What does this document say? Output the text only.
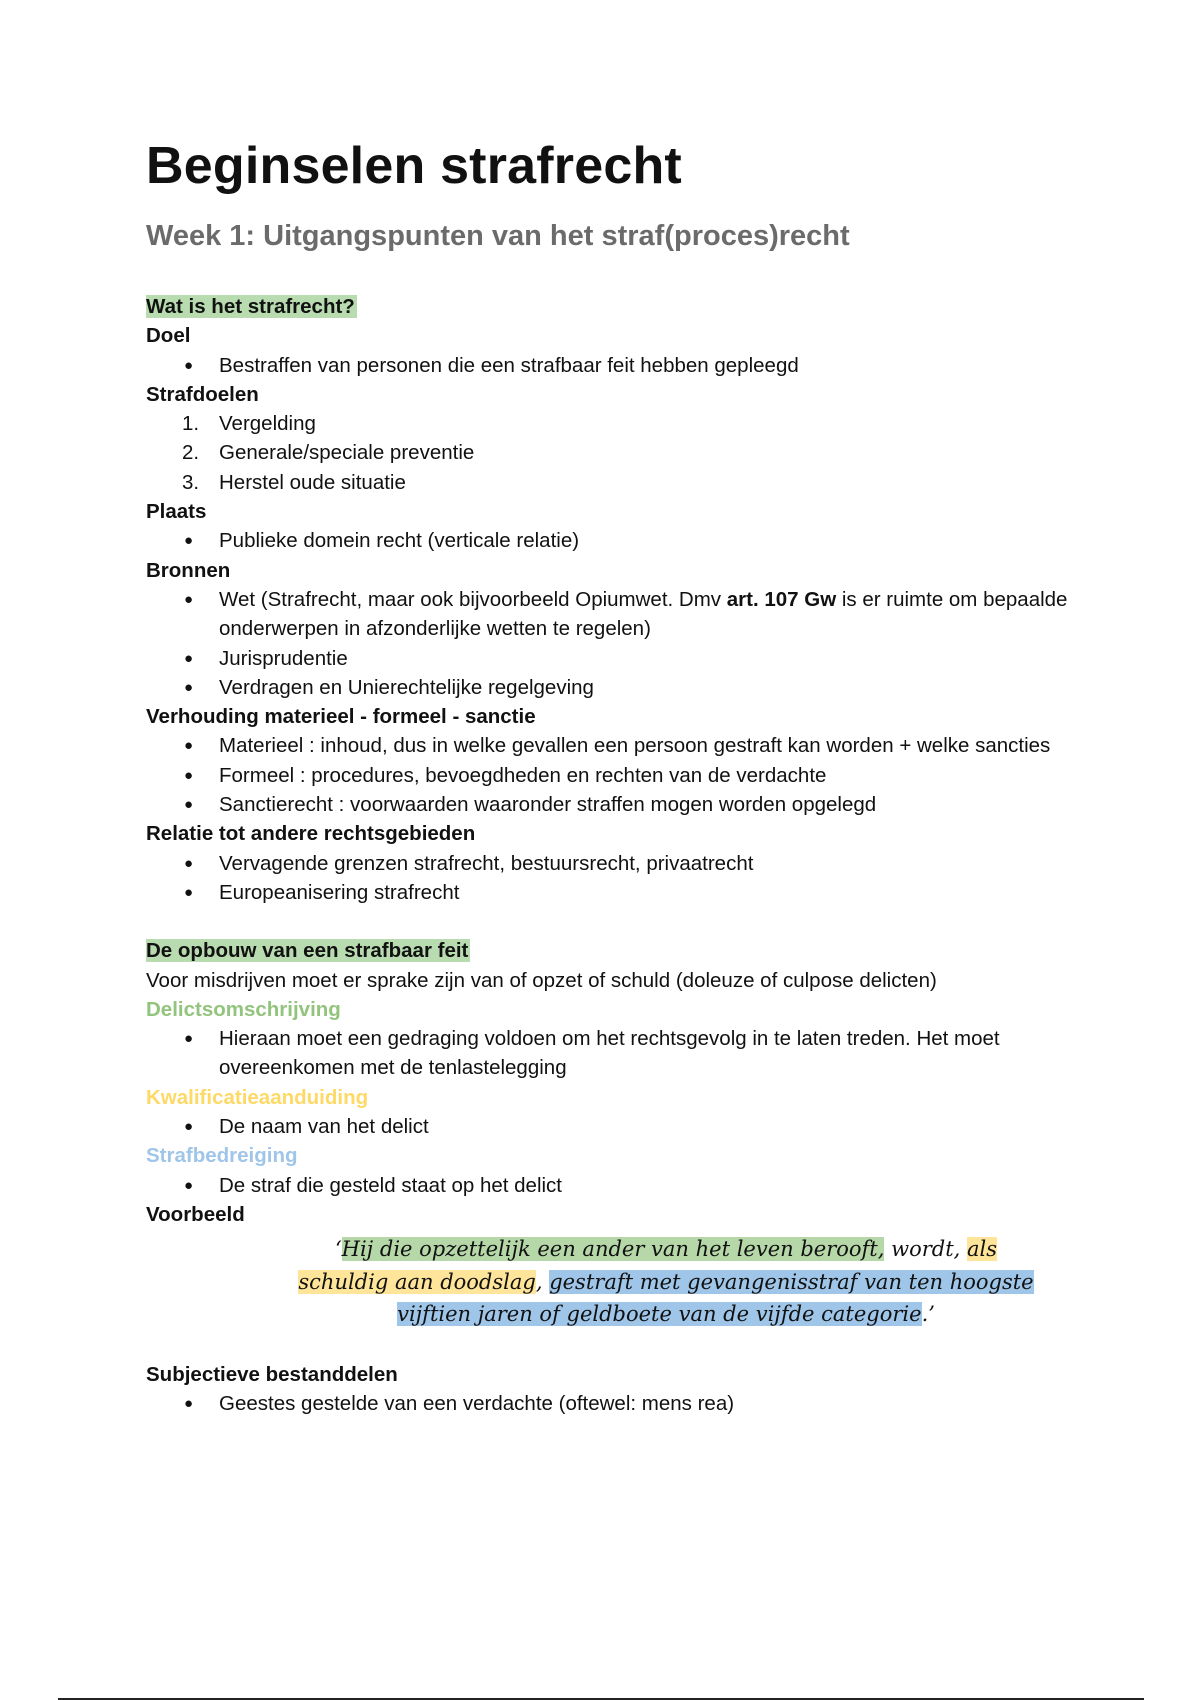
Beginselen strafrecht
Week 1: Uitgangspunten van het straf(proces)recht
Wat is het strafrecht?
Doel
● Bestraffen van personen die een strafbaar feit hebben gepleegd
Strafdoelen
1. Vergelding
2. Generale/speciale preventie
3. Herstel oude situatie
Plaats
● Publieke domein recht (verticale relatie)
Bronnen
● Wet (Strafrecht, maar ook bijvoorbeeld Opiumwet. Dmv art. 107 Gw is er ruimte om bepaalde onderwerpen in afzonderlijke wetten te regelen)
● Jurisprudentie
● Verdragen en Unierechtelijke regelgeving
Verhouding materieel - formeel - sanctie
● Materieel : inhoud, dus in welke gevallen een persoon gestraft kan worden + welke sancties
● Formeel : procedures, bevoegdheden en rechten van de verdachte
● Sanctierecht : voorwaarden waaronder straffen mogen worden opgelegd
Relatie tot andere rechtsgebieden
● Vervagende grenzen strafrecht, bestuursrecht, privaatrecht
● Europeanisering strafrecht
De opbouw van een strafbaar feit
Voor misdrijven moet er sprake zijn van of opzet of schuld (doleuze of culpose delicten)
Delictsomschrijving
● Hieraan moet een gedraging voldoen om het rechtsgevolg in te laten treden. Het moet overeenkomen met de tenlastelegging
Kwalificatieaanduiding
● De naam van het delict
Strafbedreiging
● De straf die gesteld staat op het delict
Voorbeeld
‘Hij die opzettelijk een ander van het leven berooft, wordt, als schuldig aan doodslag, gestraft met gevangenisstraf van ten hoogste vijftien jaren of geldboete van de vijfde categorie.’
Subjectieve bestanddelen
● Geestes gestelde van een verdachte (oftewel: mens rea)
